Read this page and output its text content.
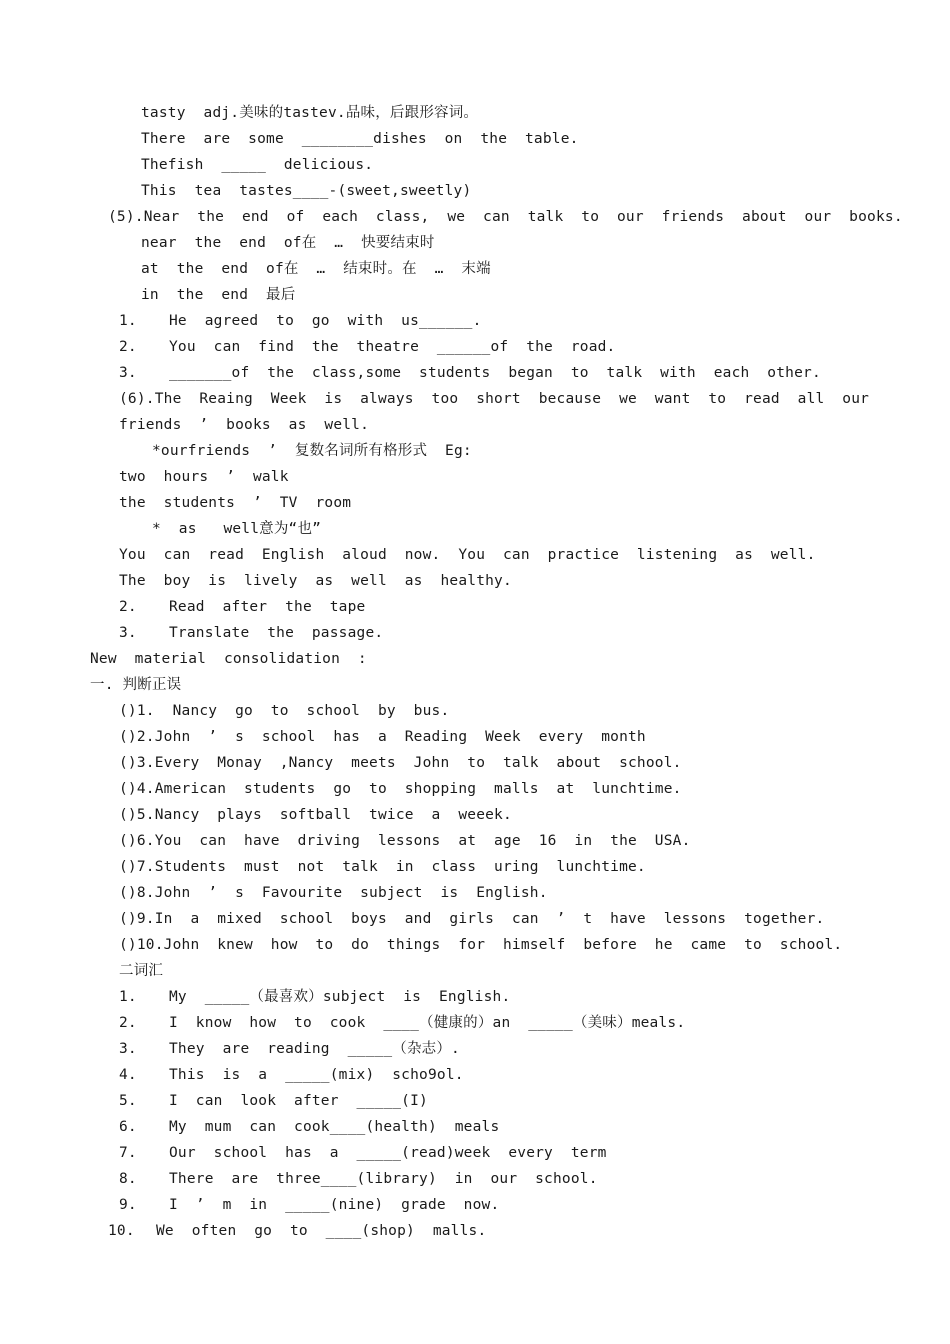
tasty  adj.美味的tastev.品味，后跟形容词。
There  are  some  ________dishes  on  the  table.
Thefish  _____  delicious.
This  tea  tastes____-(sweet,sweetly)
(5).Near  the  end  of  each  class,  we  can  talk  to  our  friends  about  our  books.
near  the  end  of在  …  快要结束时
at  the  end  of在  …  结束时。在  …  末端
in  the  end  最后
1. He  agreed  to  go  with  us______.
2. You  can  find  the  theatre  ______of  the  road.
3. _______of  the  class,some  students  began  to  talk  with  each  other.
(6).The  Reaing  Week  is  always  too  short  because  we  want  to  read  all  our
friends  ’  books  as  well.
*ourfriends  ’  复数名词所有格形式  Eg:
two  hours  ’  walk
the  students  ’  TV  room
*  as   well意为“也”
You  can  read  English  aloud  now.  You  can  practice  listening  as  well.
The  boy  is  lively  as  well  as  healthy.
2. Read  after  the  tape
3. Translate  the  passage.
New  material  consolidation  :
一. 判断正误
()1.  Nancy  go  to  school  by  bus.
()2.John  ’  s  school  has  a  Reading  Week  every  month
()3.Every  Monay  ,Nancy  meets  John  to  talk  about  school.
()4.American  students  go  to  shopping  malls  at  lunchtime.
()5.Nancy  plays  softball  twice  a  weeek.
()6.You  can  have  driving  lessons  at  age  16  in  the  USA.
()7.Students  must  not  talk  in  class  uring  lunchtime.
()8.John  ’  s  Favourite  subject  is  English.
()9.In  a  mixed  school  boys  and  girls  can  ’  t  have  lessons  together.
()10.John  knew  how  to  do  things  for  himself  before  he  came  to  school.
二词汇
1. My  _____（最喜欢）subject  is  English.
2. I  know  how  to  cook  ____（健康的）an  _____（美味）meals.
3. They  are  reading  _____（杂志）.
4. This  is  a  _____(mix)  scho9ol.
5. I  can  look  after  _____(I)
6. My  mum  can  cook____(health)  meals
7. Our  school  has  a  _____(read)week  every  term
8. There  are  three____(library)  in  our  school.
9. I  ’  m  in  _____(nine)  grade  now.
10. We  often  go  to  ____(shop)  malls.
